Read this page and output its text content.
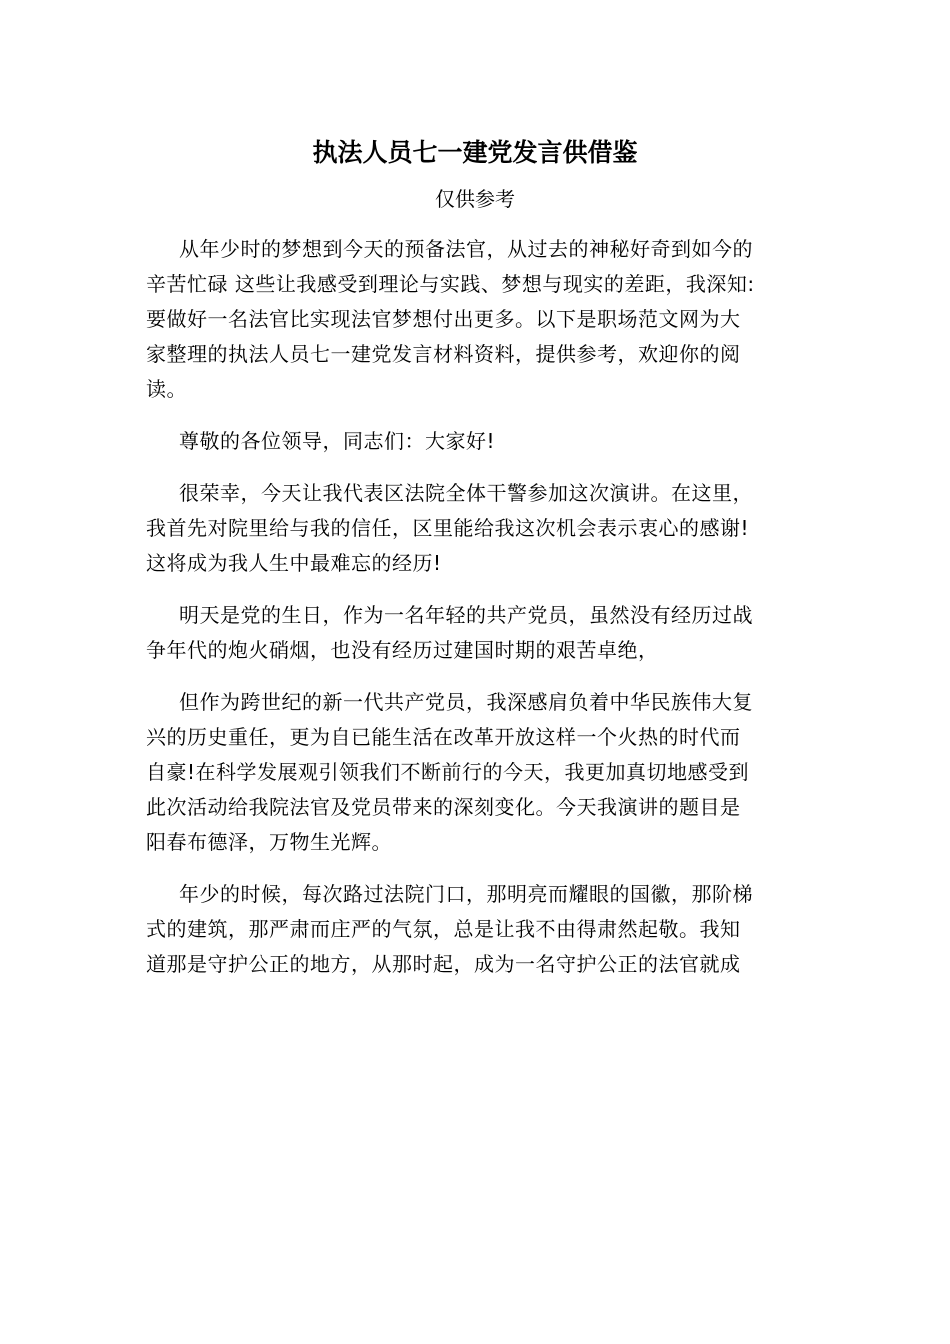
执法人员七一建党发言供借鉴
仅供参考
从年少时的梦想到今天的预备法官，从过去的神秘好奇到如今的
辛苦忙碌 这些让我感受到理论与实践、梦想与现实的差距，我深知:
要做好一名法官比实现法官梦想付出更多。以下是职场范文网为大
家整理的执法人员七一建党发言材料资料，提供参考，欢迎你的阅
读。
尊敬的各位领导，同志们：大家好!
很荣幸，今天让我代表区法院全体干警参加这次演讲。在这里，
我首先对院里给与我的信任，区里能给我这次机会表示衷心的感谢!
这将成为我人生中最难忘的经历!
明天是党的生日，作为一名年轻的共产党员，虽然没有经历过战
争年代的炮火硝烟，也没有经历过建国时期的艰苦卓绝，
但作为跨世纪的新一代共产党员，我深感肩负着中华民族伟大复
兴的历史重任，更为自已能生活在改革开放这样一个火热的时代而
自豪!在科学发展观引领我们不断前行的今天，我更加真切地感受到
此次活动给我院法官及党员带来的深刻变化。今天我演讲的题目是
阳春布德泽，万物生光辉。
年少的时候，每次路过法院门口，那明亮而耀眼的国徽，那阶梯
式的建筑，那严肃而庄严的气氛，总是让我不由得肃然起敬。我知
道那是守护公正的地方，从那时起，成为一名守护公正的法官就成
